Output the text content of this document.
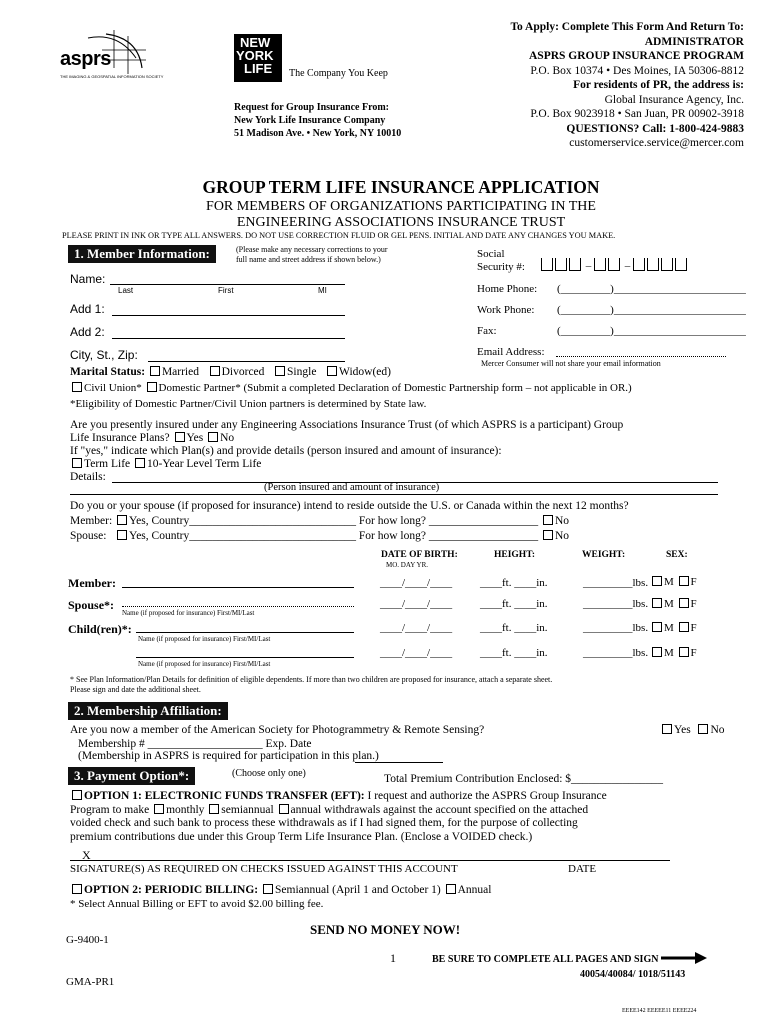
asprs
THE IMAGING & GEOSPATIAL INFORMATION SOCIETY
NEW
YORK
LIFE The Company You Keep
Request for Group Insurance From:
New York Life Insurance Company
51 Madison Ave. • New York, NY 10010
To Apply: Complete This Form And Return To:
ADMINISTRATOR
ASPRS GROUP INSURANCE PROGRAM
P.O. Box 10374 • Des Moines, IA 50306-8812
For residents of PR, the address is:
Global Insurance Agency, Inc.
P.O. Box 9023918 • San Juan, PR 00902-3918
QUESTIONS? Call: 1-800-424-9883
customerservice.service@mercer.com
GROUP TERM LIFE INSURANCE APPLICATION
FOR MEMBERS OF ORGANIZATIONS PARTICIPATING IN THE
ENGINEERING ASSOCIATIONS INSURANCE TRUST
PLEASE PRINT IN INK OR TYPE ALL ANSWERS. DO NOT USE CORRECTION FLUID OR GEL PENS. INITIAL AND DATE ANY CHANGES YOU MAKE.
1. Member Information:	(Please make any necessary corrections to your
full name and street address if shown below.)
Name:
Last	First	MI
Add 1:
Add 2:
City, St., Zip:
Social
Security #:	–	–
Home Phone: (_________)________________________
Work Phone: (_________)________________________
Fax:	(_________)________________________
Email Address:
Mercer Consumer will not share your email information
Marital Status: Married Divorced Single Widow(ed)
Civil Union* Domestic Partner* (Submit a completed Declaration of Domestic Partnership form – not applicable in OR.)
*Eligibility of Domestic Partner/Civil Union partners is determined by State law.
Are you presently insured under any Engineering Associations Insurance Trust (of which ASPRS is a participant) Group
Life Insurance Plans? Yes No
If "yes," indicate which Plan(s) and provide details (person insured and amount of insurance):
Term Life 10-Year Level Term Life
Details:
(Person insured and amount of insurance)
Do you or your spouse (if proposed for insurance) intend to reside outside the U.S. or Canada within the next 12 months?
Member: Yes, Country_____________________________ For how long? ___________________ No
Spouse: Yes, Country_____________________________ For how long? ___________________ No
DATE OF BIRTH:
MO. DAY YR.
HEIGHT:	WEIGHT:	SEX:
Member:	____/____/____	____ft. ____in.	_________lbs.	M F
Spouse*:
Name (if proposed for insurance) First/MI/Last
____/____/____	____ft. ____in.	_________lbs.	M F
Child(ren)*:
Name (if proposed for insurance) First/MI/Last
____/____/____	____ft. ____in.	_________lbs.	M F
Name (if proposed for insurance) First/MI/Last
____/____/____	____ft. ____in.	_________lbs.	M F
* See Plan Information/Plan Details for definition of eligible dependents. If more than two children are proposed for insurance, attach a separate sheet.
Please sign and date the additional sheet.
2. Membership Affiliation:
Are you now a member of the American Society for Photogrammetry & Remote Sensing?	Yes No
Membership # ____________________ Exp. Date
(Membership in ASPRS is required for participation in this plan.)
3. Payment Option*:	(Choose only one)	Total Premium Contribution Enclosed: $________________
OPTION 1: ELECTRONIC FUNDS TRANSFER (EFT): I request and authorize the ASPRS Group Insurance
Program to make monthly semiannual annual withdrawals against the account specified on the attached
voided check and such bank to process these withdrawals as if I had signed them, for the purpose of collecting
premium contributions due under this Group Term Life Insurance Plan. (Enclose a VOIDED check.)
X
SIGNATURE(S) AS REQUIRED ON CHECKS ISSUED AGAINST THIS ACCOUNT	DATE
OPTION 2: PERIODIC BILLING: Semiannual (April 1 and October 1) Annual
* Select Annual Billing or EFT to avoid $2.00 billing fee.
G-9400-1
SEND NO MONEY NOW!
1	BE SURE TO COMPLETE ALL PAGES AND SIGN
40054/40084/ 1018/51143
GMA-PR1
EEEE142 EEEEE11 EEEE224
